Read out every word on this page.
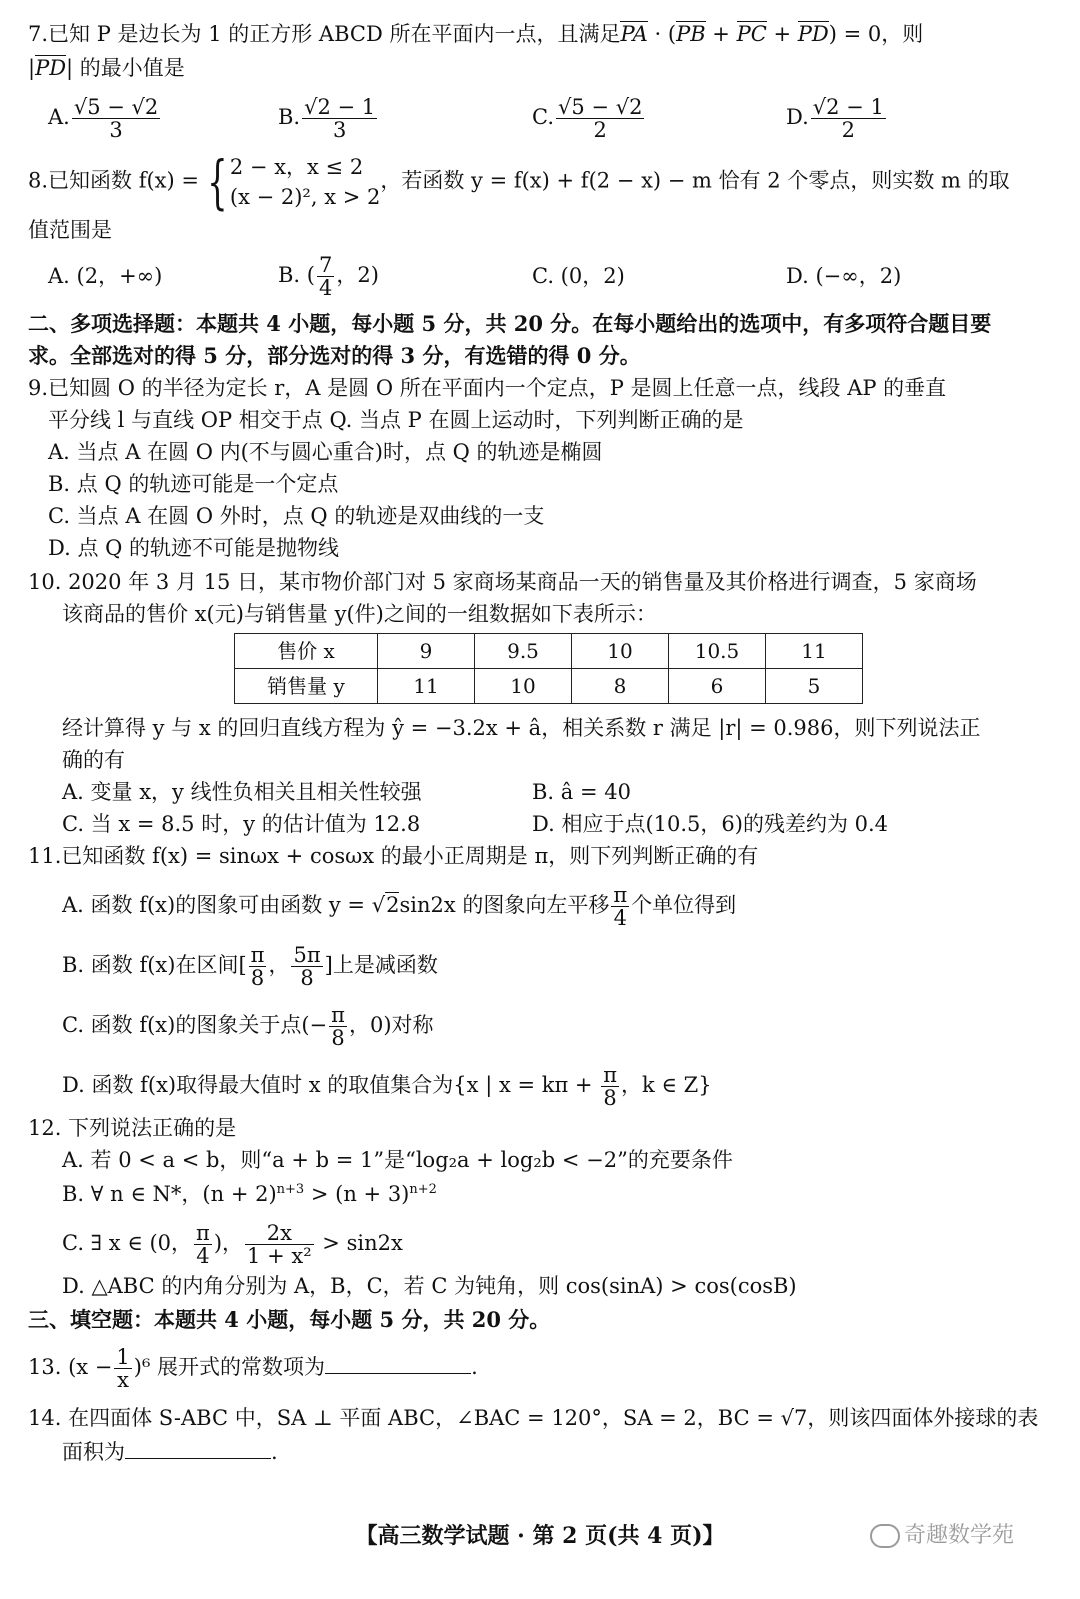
7.已知 P 是边长为 1 的正方形 ABCD 所在平面内一点，且满足PA · (PB + PC + PD) = 0，则
|PD| 的最小值是
A. $\frac{√5 - √2}{3}$	B. $\frac{√2 - 1}{3}$	C. $\frac{√5 - √2}{2}$	D. $\frac{√2 - 1}{2}$
8.已知函数 f(x) = { 2 − x，x ≤ 2
(x − 2)², x > 2
，若函数 y = f(x) + f(2 − x) − m 恰有 2 个零点，则实数 m 的取
值范围是
A. (2，+∞)	B. ( $\frac{7}{4}$ ，2)	C. (0，2)	D. (−∞，2)
二、多项选择题：本题共 4 小题，每小题 5 分，共 20 分。在每小题给出的选项中，有多项符合题目要
求。全部选对的得 5 分，部分选对的得 3 分，有选错的得 0 分。
9.已知圆 O 的半径为定长 r，A 是圆 O 所在平面内一个定点，P 是圆上任意一点，线段 AP 的垂直
平分线 l 与直线 OP 相交于点 Q. 当点 P 在圆上运动时，下列判断正确的是
A. 当点 A 在圆 O 内(不与圆心重合)时，点 Q 的轨迹是椭圆
B. 点 Q 的轨迹可能是一个定点
C. 当点 A 在圆 O 外时，点 Q 的轨迹是双曲线的一支
D. 点 Q 的轨迹不可能是抛物线
10. 2020 年 3 月 15 日，某市物价部门对 5 家商场某商品一天的销售量及其价格进行调查，5 家商场
该商品的售价 x(元)与销售量 y(件)之间的一组数据如下表所示：
售价 x	9	9.5	10	10.5	11
销售量 y	11	10	8	6	5
经计算得 y 与 x 的回归直线方程为 ŷ = −3.2x + â，相关系数 r 满足 |r| = 0.986，则下列说法正
确的有
A. 变量 x，y 线性负相关且相关性较强	B. â = 40
C. 当 x = 8.5 时，y 的估计值为 12.8	D. 相应于点(10.5，6)的残差约为 0.4
11.已知函数 f(x) = sinωx + cosωx 的最小正周期是 π，则下列判断正确的有
A. 函数 f(x)的图象可由函数 y = √2sin2x 的图象向左平移 $\frac{\pi}{4}$ 个单位得到
B. 函数 f(x)在区间[ $\frac{\pi}{8}$ ， $\frac{5\pi}{8}$ ]上是减函数
C. 函数 f(x)的图象关于点(− $\frac{\pi}{8}$ ，0)对称
D. 函数 f(x)取得最大值时 x 的取值集合为{x | $x = k\pi + \frac{\pi}{8}$ ，k ∈ Z}
12. 下列说法正确的是
A. 若 0 < a < b，则“a + b = 1”是“log₂a + log₂b < −2”的充要条件
B. ∀ n ∈ N*，$(n + 2)^{n+3} > (n + 3)^{n+2}$
C. ∃ x ∈ (0， $\frac{\pi}{4}$ )， $\frac{2x}{\text{1 + x²}} > \sin 2x$
D. △ABC 的内角分别为 A，B，C，若 C 为钝角，则 cos(sinA) > cos(cosB)
三、填空题：本题共 4 小题，每小题 5 分，共 20 分。
13. $(x - \frac{1}{x} )^6$ 展开式的常数项为	.
14. 在四面体 S-ABC 中，SA ⊥ 平面 ABC，∠BAC = 120°，SA = 2，BC = √7，则该四面体外接球的表
面积为	.
【高三数学试题 · 第 2 页(共 4 页)】	奇趣数学苑
